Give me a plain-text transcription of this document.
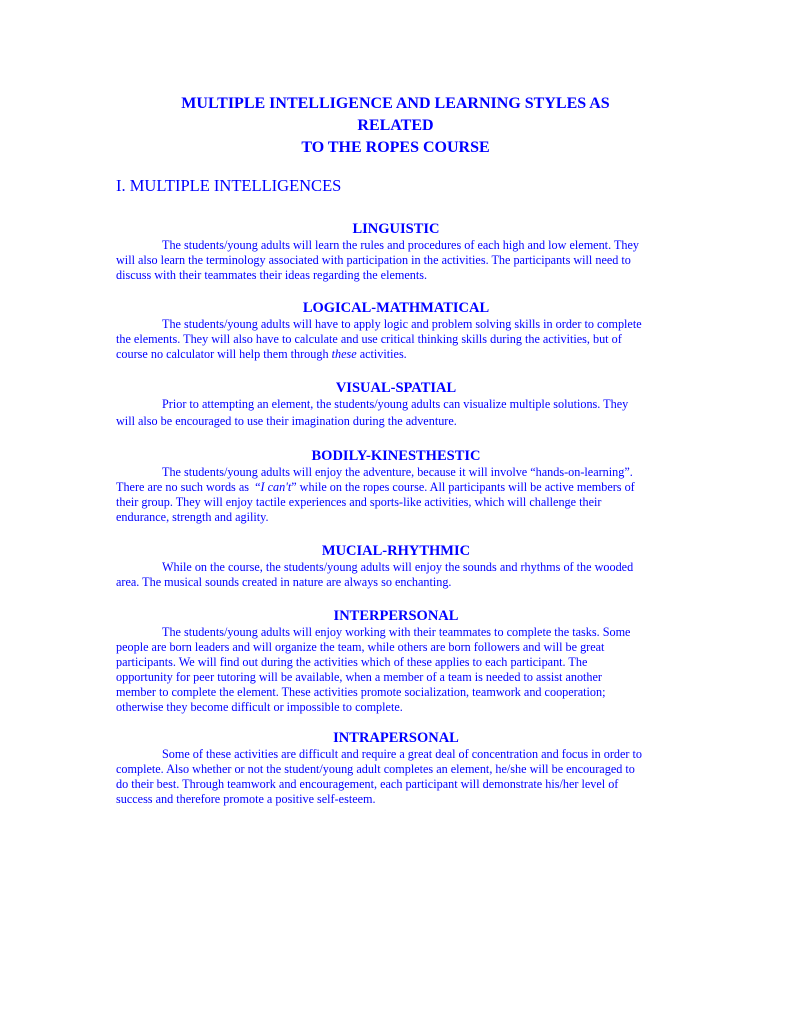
MULTIPLE INTELLIGENCE AND LEARNING STYLES AS
RELATED
TO THE ROPES COURSE
I. MULTIPLE INTELLIGENCES
LINGUISTIC

The students/young adults will learn the rules and procedures of each high and low element. They
will also learn the terminology associated with participation in the activities. The participants will need to
discuss with their teammates their ideas regarding the elements.

LOGICAL-MATHMATICAL

The students/young adults will have to apply logic and problem solving skills in order to complete
the elements. They will also have to calculate and use critical thinking skills during the activities, but of
course no calculator will help them through these activities.

VISUAL-SPATIAL

Prior to attempting an element, the students/young adults can visualize multiple solutions. They
will also be encouraged to use their imagination during the adventure.

BODILY-KINESTHESTIC

The students/young adults will enjoy the adventure, because it will involve “hands-on-learning”.
There are no such words as  “I can't” while on the ropes course. All participants will be active members of
their group. They will enjoy tactile experiences and sports-like activities, which will challenge their
endurance, strength and agility.

MUCIAL-RHYTHMIC

While on the course, the students/young adults will enjoy the sounds and rhythms of the wooded
area. The musical sounds created in nature are always so enchanting.

INTERPERSONAL

The students/young adults will enjoy working with their teammates to complete the tasks. Some
people are born leaders and will organize the team, while others are born followers and will be great
participants. We will find out during the activities which of these applies to each participant. The
opportunity for peer tutoring will be available, when a member of a team is needed to assist another
member to complete the element. These activities promote socialization, teamwork and cooperation;
otherwise they become difficult or impossible to complete.

INTRAPERSONAL

Some of these activities are difficult and require a great deal of concentration and focus in order to
complete. Also whether or not the student/young adult completes an element, he/she will be encouraged to
do their best. Through teamwork and encouragement, each participant will demonstrate his/her level of
success and therefore promote a positive self-esteem.
